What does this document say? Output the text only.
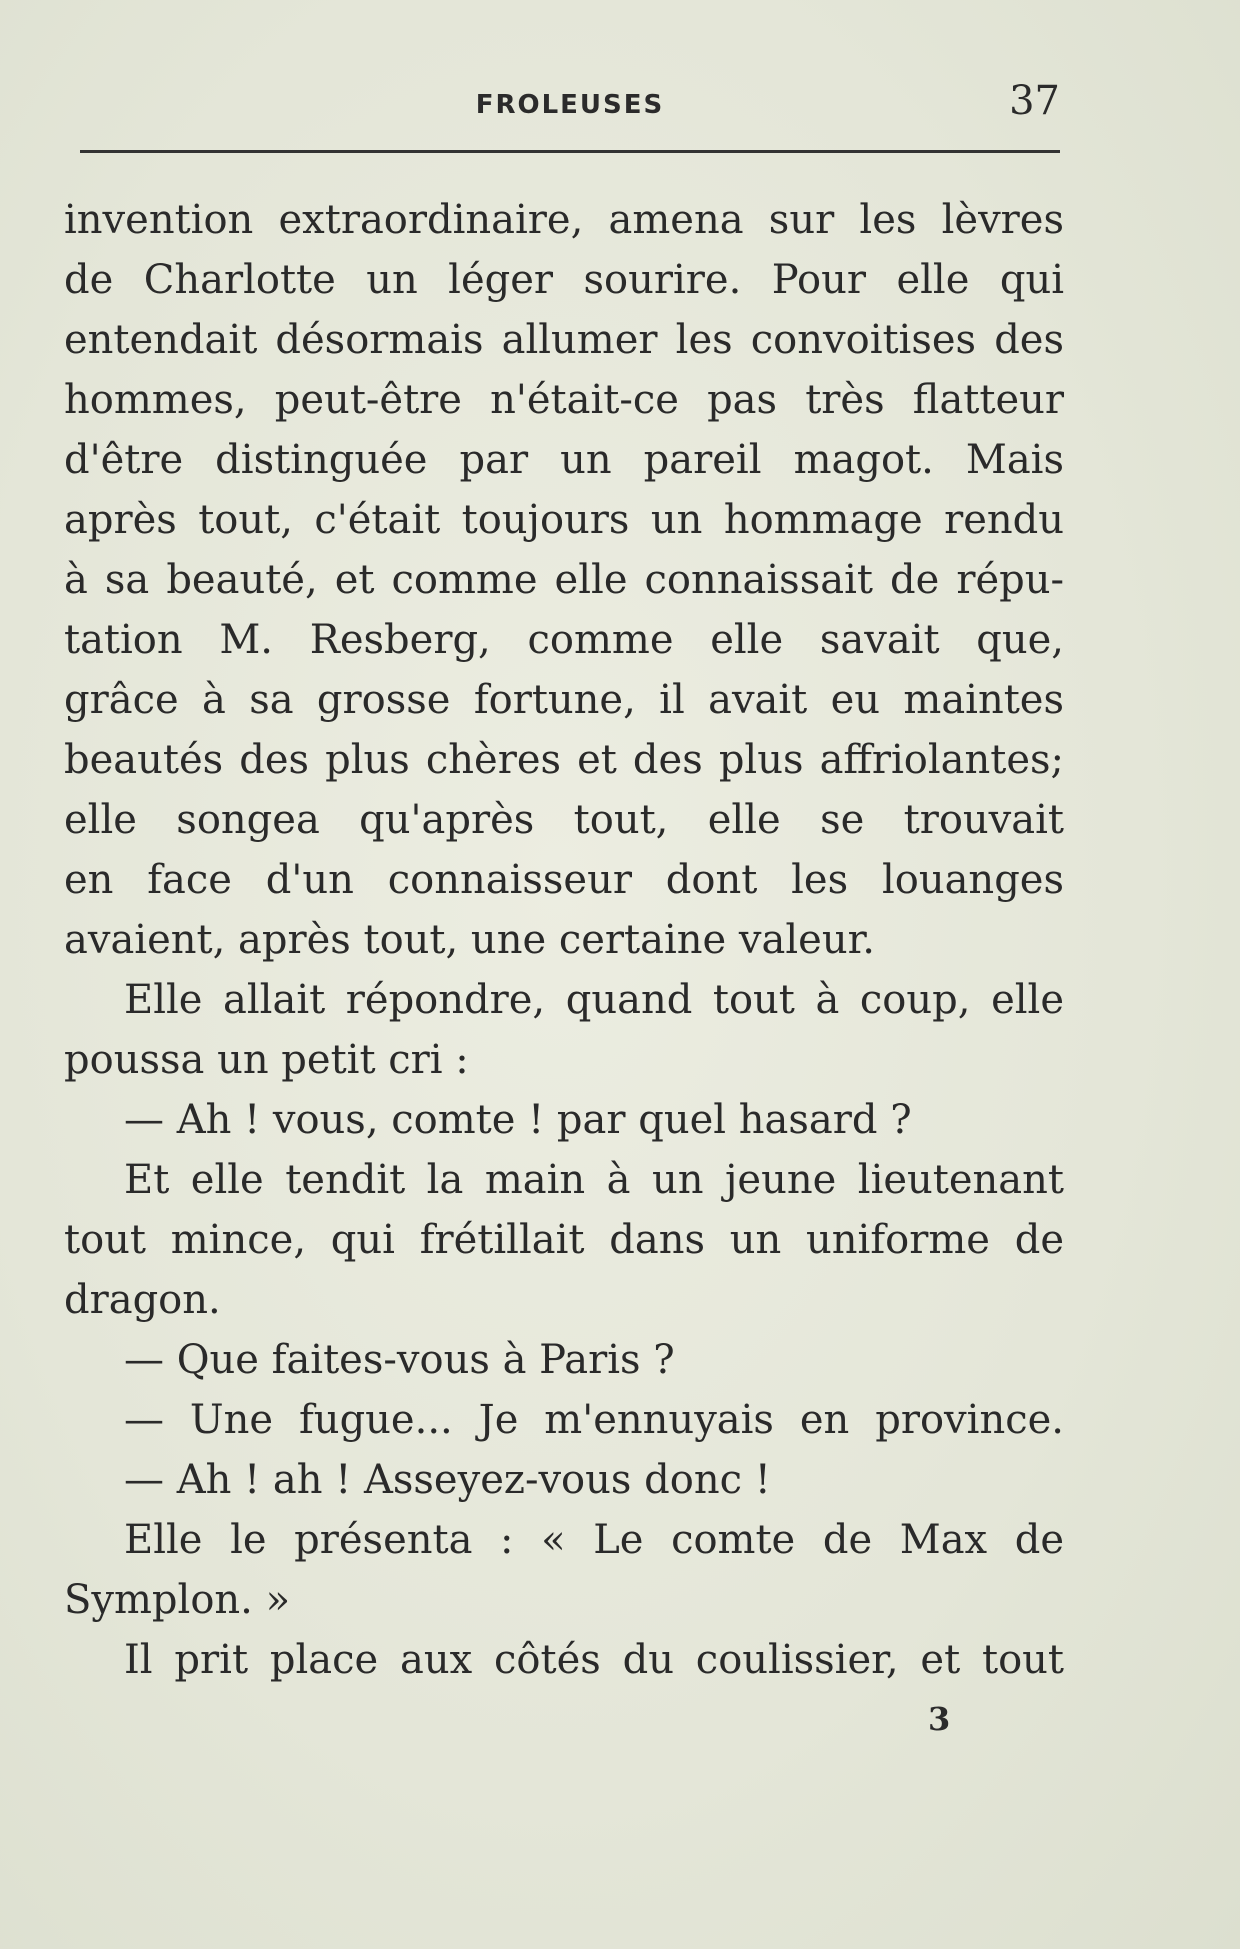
FROLEUSES	37
invention extraordinaire, amena sur les lèvres
de Charlotte un léger sourire. Pour elle qui
entendait désormais allumer les convoitises des
hommes, peut-être n'était-ce pas très flatteur
d'être distinguée par un pareil magot. Mais
après tout, c'était toujours un hommage rendu
à sa beauté, et comme elle connaissait de répu-
tation M. Resberg, comme elle savait que,
grâce à sa grosse fortune, il avait eu maintes
beautés des plus chères et des plus affriolantes;
elle songea qu'après tout, elle se trouvait
en face d'un connaisseur dont les louanges
avaient, après tout, une certaine valeur.
Elle allait répondre, quand tout à coup, elle
poussa un petit cri :
— Ah ! vous, comte ! par quel hasard ?
Et elle tendit la main à un jeune lieutenant
tout mince, qui frétillait dans un uniforme de
dragon.
— Que faites-vous à Paris ?
— Une fugue... Je m'ennuyais en province.
— Ah ! ah ! Asseyez-vous donc !
Elle le présenta : « Le comte de Max de
Symplon. »
Il prit place aux côtés du coulissier, et tout
3
